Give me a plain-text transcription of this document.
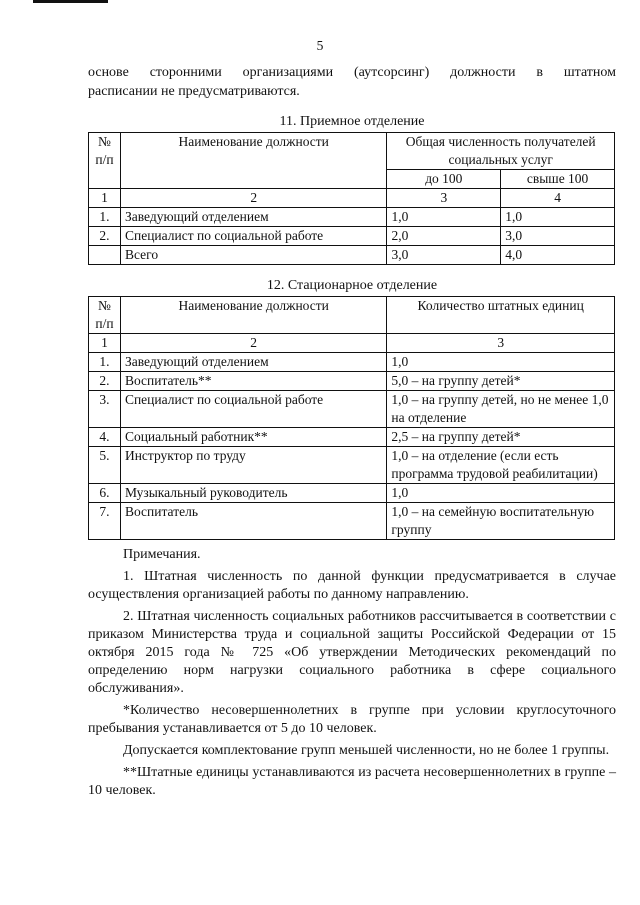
5
основе сторонними организациями (аутсорсинг) должности в штатном
расписании не предусматриваются.
11. Приемное отделение
№ п/п	Наименование должности	Общая численность получателей социальных услуг	
		до 100	свыше 100
1	2	3	4
1.	Заведующий отделением	1,0	1,0
2.	Специалист по социальной работе	2,0	3,0
	Всего	3,0	4,0
12. Стационарное отделение
№ п/п	Наименование должности	Количество штатных единиц
1	2	3
1.	Заведующий отделением	1,0
2.	Воспитатель**	5,0 – на группу детей*
3.	Специалист по социальной работе	1,0 – на группу детей, но не менее 1,0 на отделение
4.	Социальный работник**	2,5 – на группу детей*
5.	Инструктор по труду	1,0 – на отделение (если есть программа трудовой реабилитации)
6.	Музыкальный руководитель	1,0
7.	Воспитатель	1,0 – на семейную воспитательную группу

Примечания.

1. Штатная численность по данной функции предусматривается в случае осуществления организацией работы по данному направлению.

2. Штатная численность социальных работников рассчитывается в соответствии с приказом Министерства труда и социальной защиты Российской Федерации от 15 октября 2015 года № 725 «Об утверждении Методических рекомендаций по определению норм нагрузки социального работника в сфере социального обслуживания».

*Количество несовершеннолетних в группе при условии круглосуточного пребывания устанавливается от 5 до 10 человек.

Допускается комплектование групп меньшей численности, но не более 1 группы.

**Штатные единицы устанавливаются из расчета несовершеннолетних в группе – 10 человек.
